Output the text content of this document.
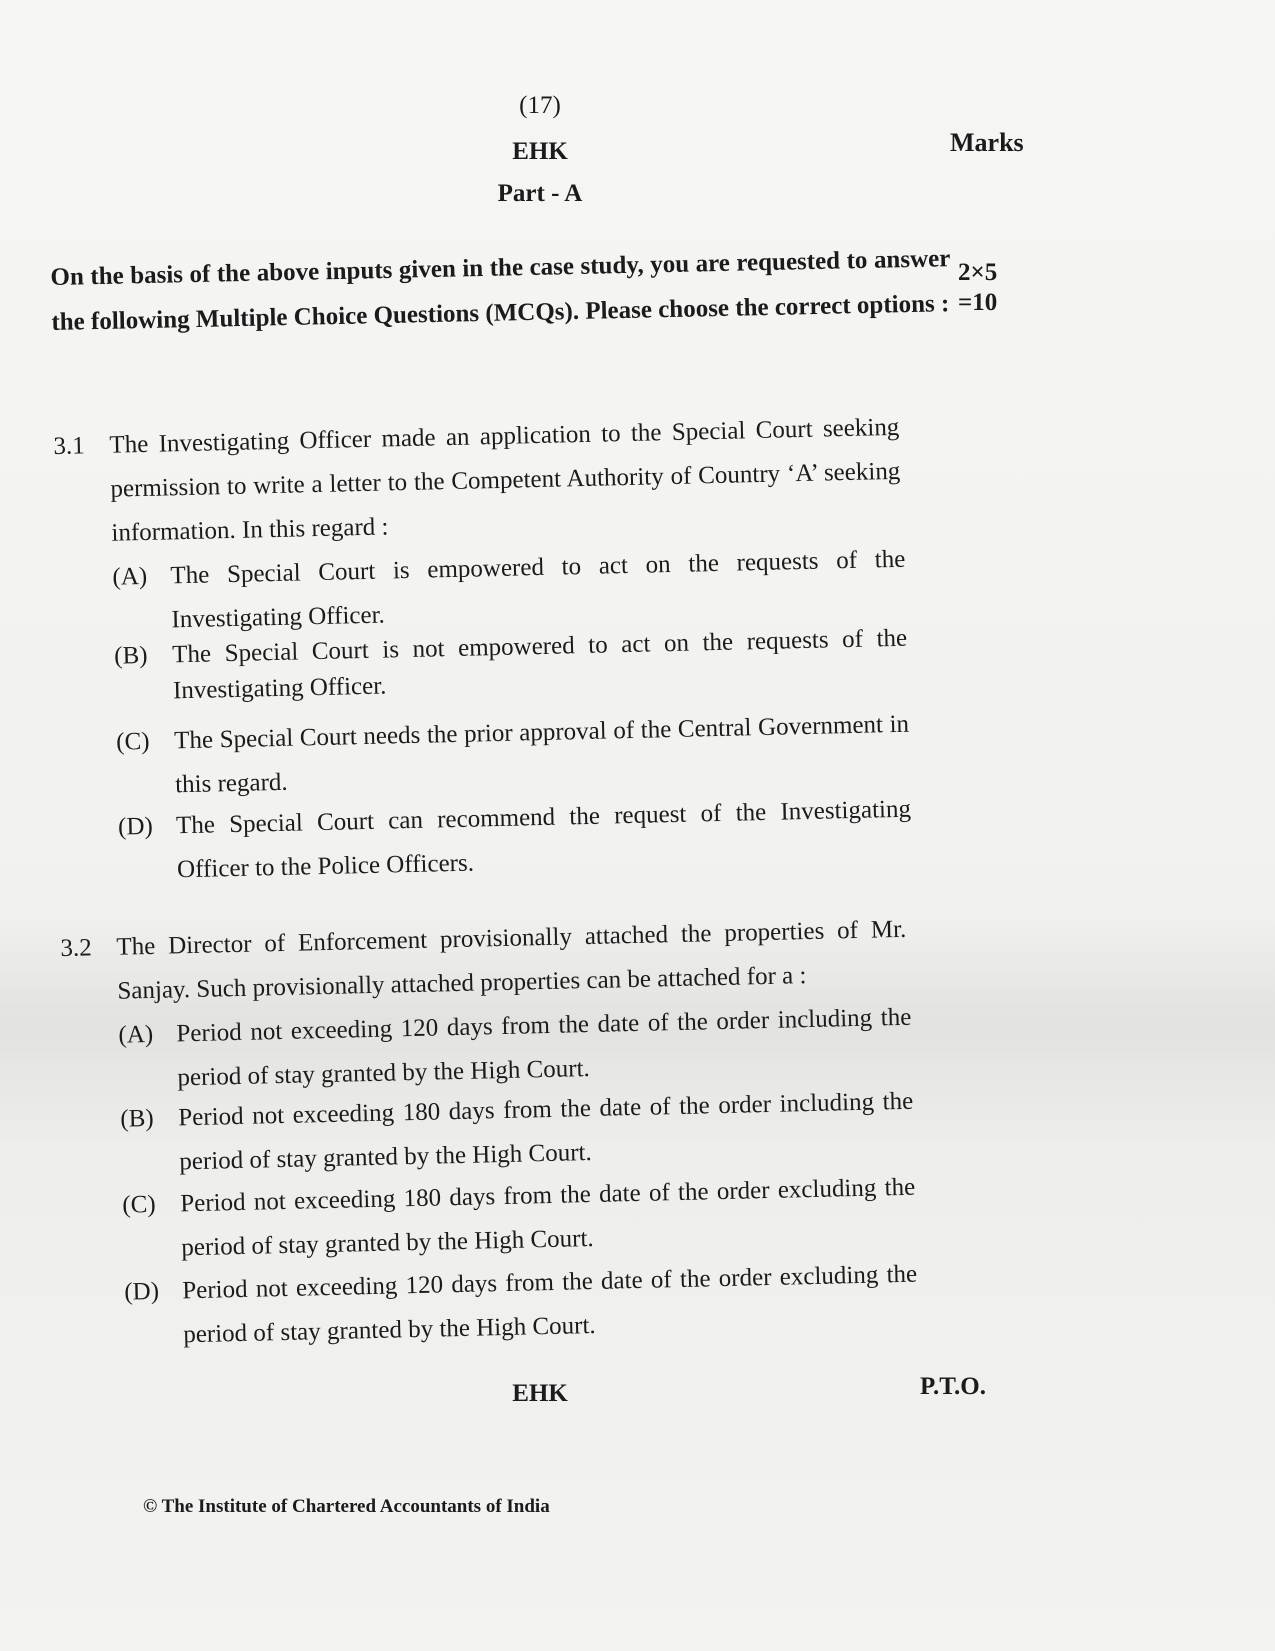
(17)
EHK	Marks
Part - A
On the basis of the above inputs given in the case study, you are requested to answer the following Multiple Choice Questions (MCQs). Please choose the correct options :
2×5
=10
3.1 The Investigating Officer made an application to the Special Court seeking permission to write a letter to the Competent Authority of Country ‘A’ seeking information. In this regard :
(A) The Special Court is empowered to act on the requests of the Investigating Officer.
(B) The Special Court is not empowered to act on the requests of the Investigating Officer.
(C) The Special Court needs the prior approval of the Central Government in this regard.
(D) The Special Court can recommend the request of the Investigating Officer to the Police Officers.
3.2 The Director of Enforcement provisionally attached the properties of Mr. Sanjay. Such provisionally attached properties can be attached for a :
(A) Period not exceeding 120 days from the date of the order including the period of stay granted by the High Court.
(B) Period not exceeding 180 days from the date of the order including the period of stay granted by the High Court.
(C) Period not exceeding 180 days from the date of the order excluding the period of stay granted by the High Court.
(D) Period not exceeding 120 days from the date of the order excluding the period of stay granted by the High Court.
EHK	P.T.O.
© The Institute of Chartered Accountants of India
